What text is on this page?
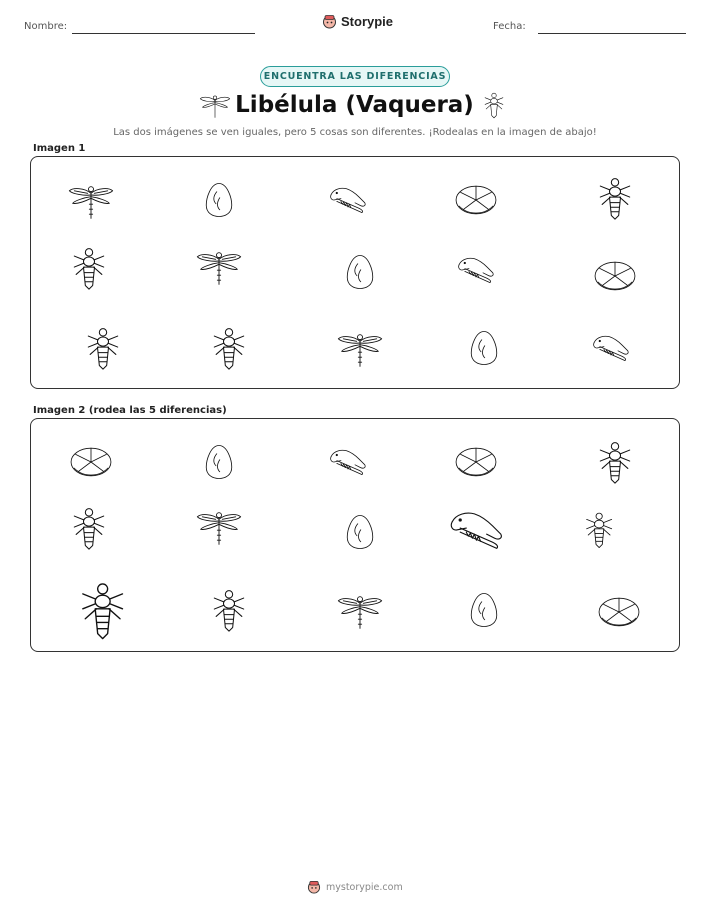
Nombre:	Storypie	Fecha:
ENCUENTRA LAS DIFERENCIAS
Libélula (Vaquera)
Las dos imágenes se ven iguales, pero 5 cosas son diferentes. ¡Rodealas en la imagen de abajo!
Imagen 1
Imagen 2 (rodea las 5 diferencias)
mystorypie.com
